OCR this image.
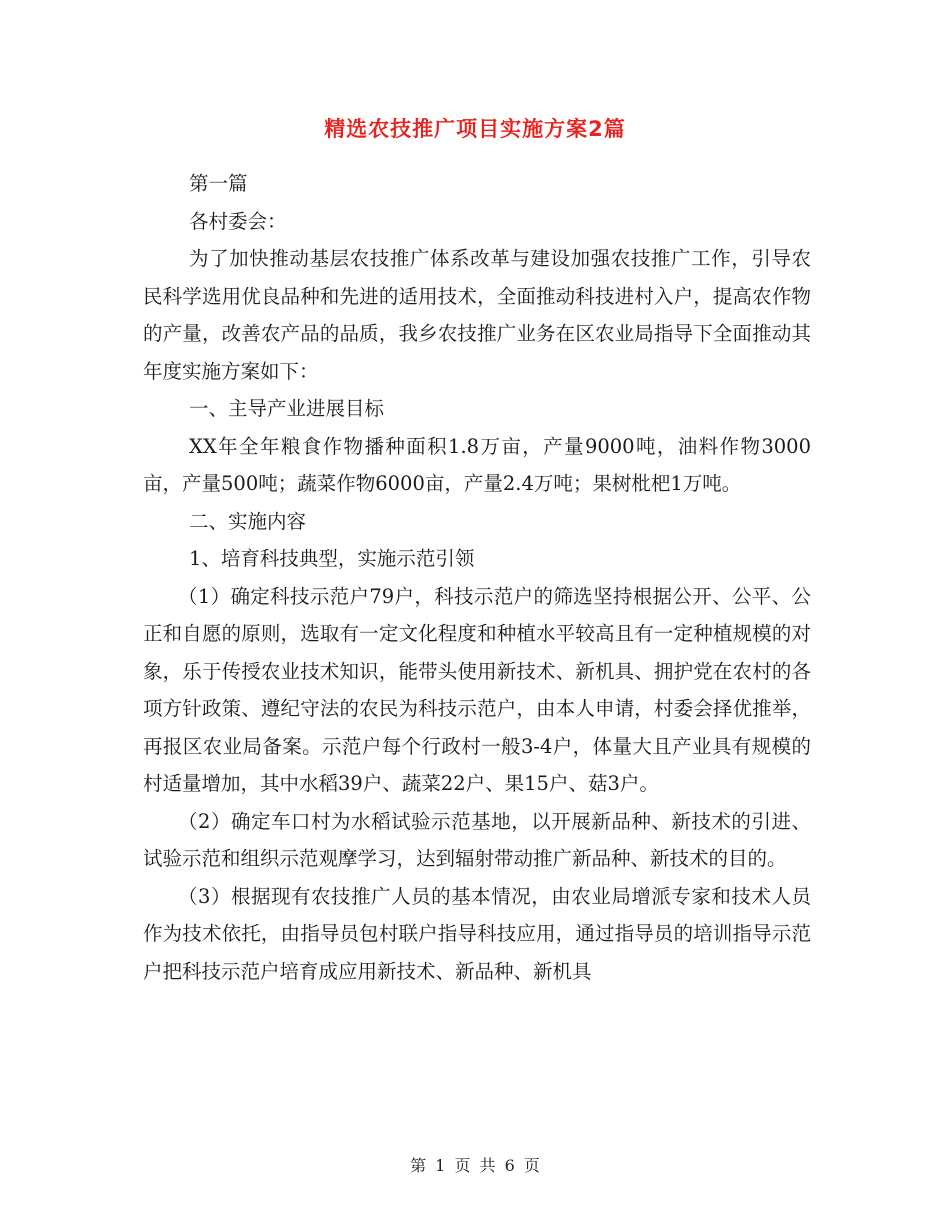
精选农技推广项目实施方案2篇

第一篇

各村委会：

为了加快推动基层农技推广体系改革与建设加强农技推广工作，引导农民科学选用优良品种和先进的适用技术，全面推动科技进村入户，提高农作物的产量，改善农产品的品质，我乡农技推广业务在区农业局指导下全面推动其年度实施方案如下：

一、主导产业进展目标

XX年全年粮食作物播种面积1.8万亩，产量9000吨，油料作物3000亩，产量500吨；蔬菜作物6000亩，产量2.4万吨；果树枇杷1万吨。

二、实施内容

1、培育科技典型，实施示范引领

（1）确定科技示范户79户，科技示范户的筛选坚持根据公开、公平、公正和自愿的原则，选取有一定文化程度和种植水平较高且有一定种植规模的对象，乐于传授农业技术知识，能带头使用新技术、新机具、拥护党在农村的各项方针政策、遵纪守法的农民为科技示范户，由本人申请，村委会择优推举，再报区农业局备案。示范户每个行政村一般3-4户，体量大且产业具有规模的村适量增加，其中水稻39户、蔬菜22户、果15户、菇3户。

（2）确定车口村为水稻试验示范基地，以开展新品种、新技术的引进、试验示范和组织示范观摩学习，达到辐射带动推广新品种、新技术的目的。

（3）根据现有农技推广人员的基本情况，由农业局增派专家和技术人员作为技术依托，由指导员包村联户指导科技应用，通过指导员的培训指导示范户把科技示范户培育成应用新技术、新品种、新机具

第 1 页 共 6 页
